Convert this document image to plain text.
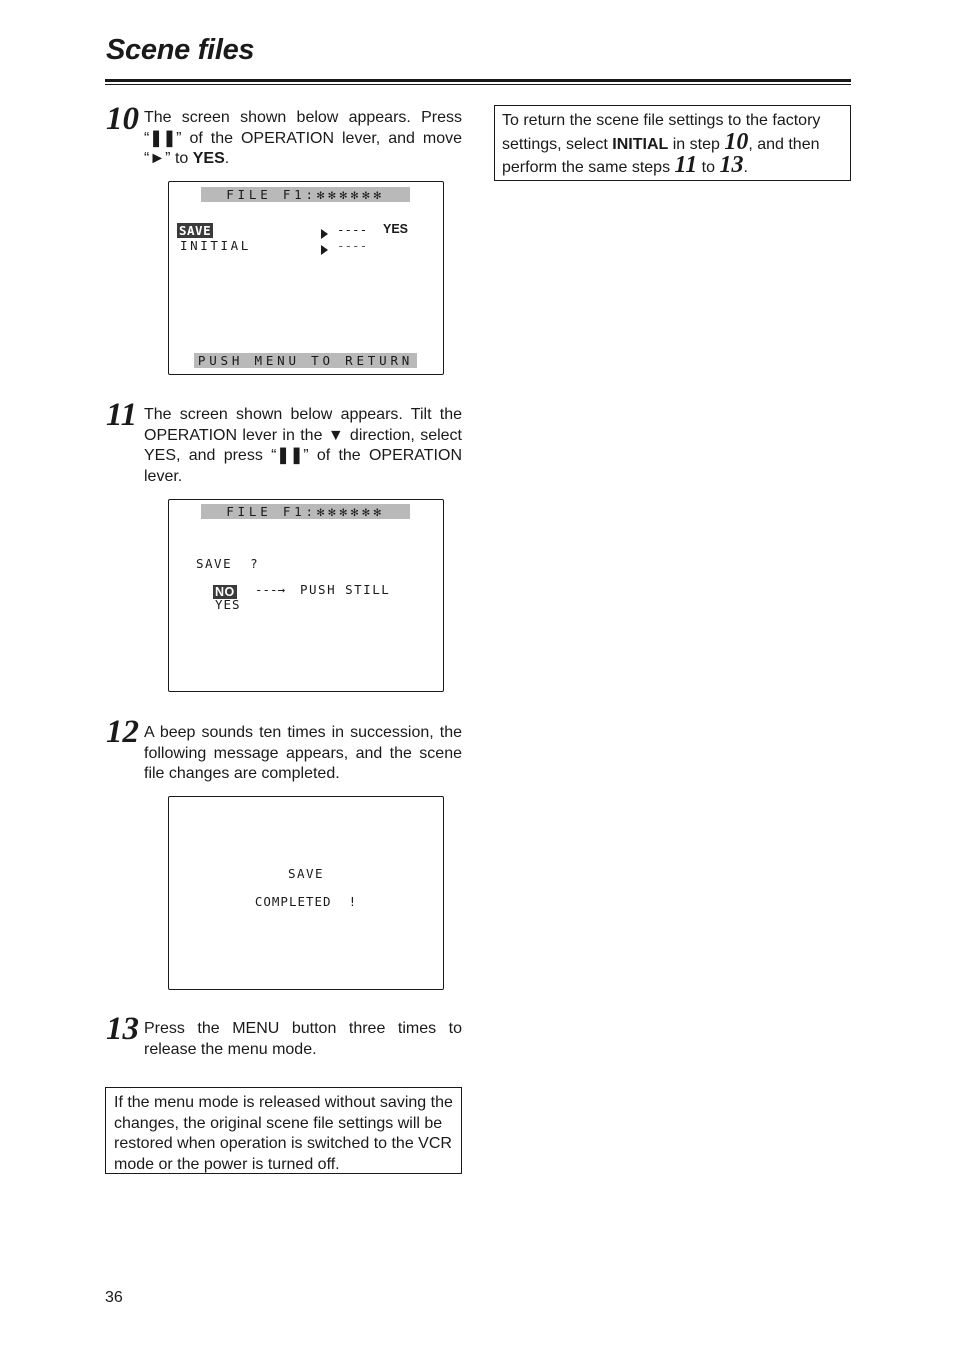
Scene files
10 The screen shown below appears. Press “❚❚” of the OPERATION lever, and move “►” to YES.
FILE F1:✻✻✻✻✻✻
SAVE
INITIAL
---- YES
----
PUSH MENU TO RETURN
11 The screen shown below appears. Tilt the OPERATION lever in the ▼ direction, select YES, and press “❚❚” of the OPERATION lever.
FILE F1:✻✻✻✻✻✻
SAVE  ?
NO ---→ PUSH STILL
YES
12 A beep sounds ten times in succession, the following message appears, and the scene file changes are completed.
SAVE
COMPLETED  !
13 Press the MENU button three times to release the menu mode.
If the menu mode is released without saving the changes, the original scene file settings will be restored when operation is switched to the VCR mode or the power is turned off.
To return the scene file settings to the factory settings, select INITIAL in step 10, and then perform the same steps 11 to 13.
36
